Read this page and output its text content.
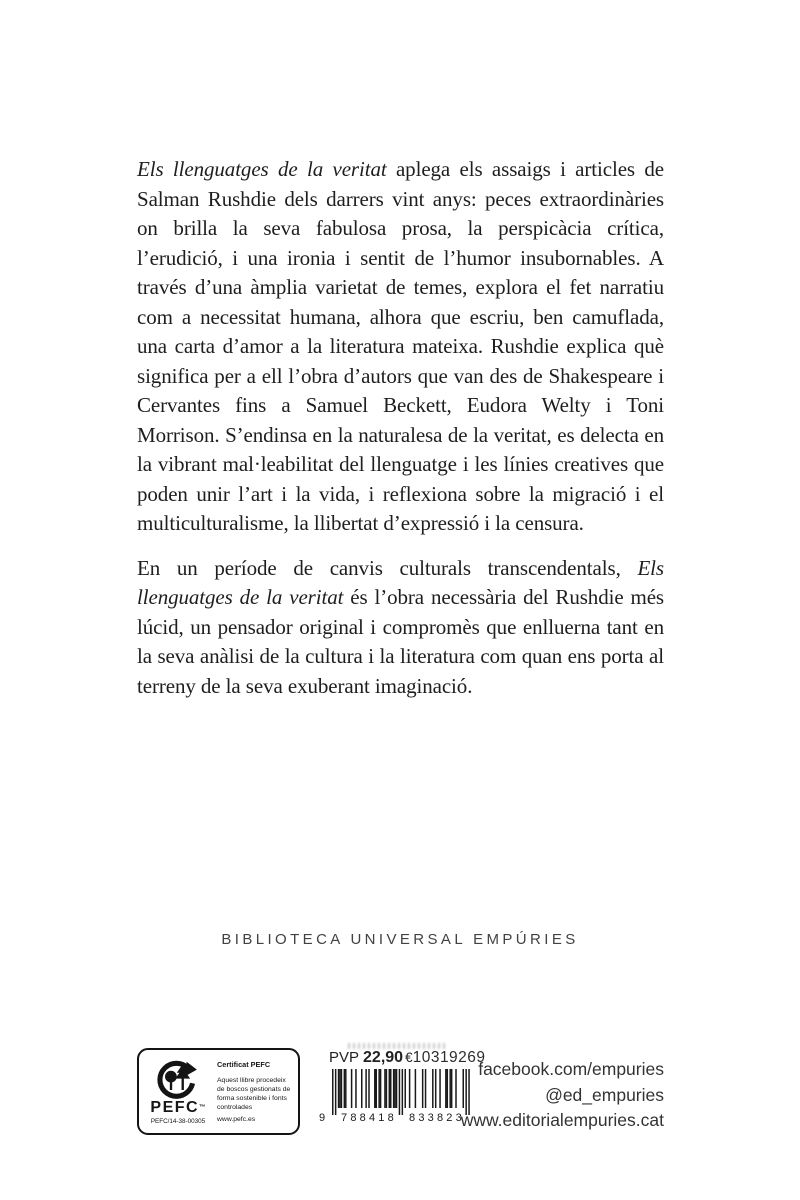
Els llenguatges de la veritat aplega els assaigs i articles de Salman Rushdie dels darrers vint anys: peces extraordinàries on brilla la seva fabulosa prosa, la perspicàcia crítica, l’erudició, i una ironia i sentit de l’humor insubornables. A través d’una àmplia varietat de temes, explora el fet narratiu com a necessitat humana, alhora que escriu, ben camuflada, una carta d’amor a la literatura mateixa. Rushdie explica què significa per a ell l’obra d’autors que van des de Shakespeare i Cervantes fins a Samuel Beckett, Eudora Welty i Toni Morrison. S’endinsa en la naturalesa de la veritat, es delecta en la vibrant mal·leabilitat del llenguatge i les línies creatives que poden unir l’art i la vida, i reflexiona sobre la migració i el multiculturalisme, la llibertat d’expressió i la censura.

En un període de canvis culturals transcendentals, Els llenguatges de la veritat és l’obra necessària del Rushdie més lúcid, un pensador original i compromès que enlluerna tant en la seva anàlisi de la cultura i la literatura com quan ens porta al terreny de la seva exuberant imaginació.

BIBLIOTECA UNIVERSAL EMPÚRIES
PEFC™
PEFC/14-38-00305
Certificat PEFC
Aquest llibre procedeix de boscos gestionats de forma sostenible i fonts controlades
www.pefc.es
PVP 22,90 € 10319269
9 788418 833823
facebook.com/empuries
@ed_empuries
www.editorialempuries.cat
